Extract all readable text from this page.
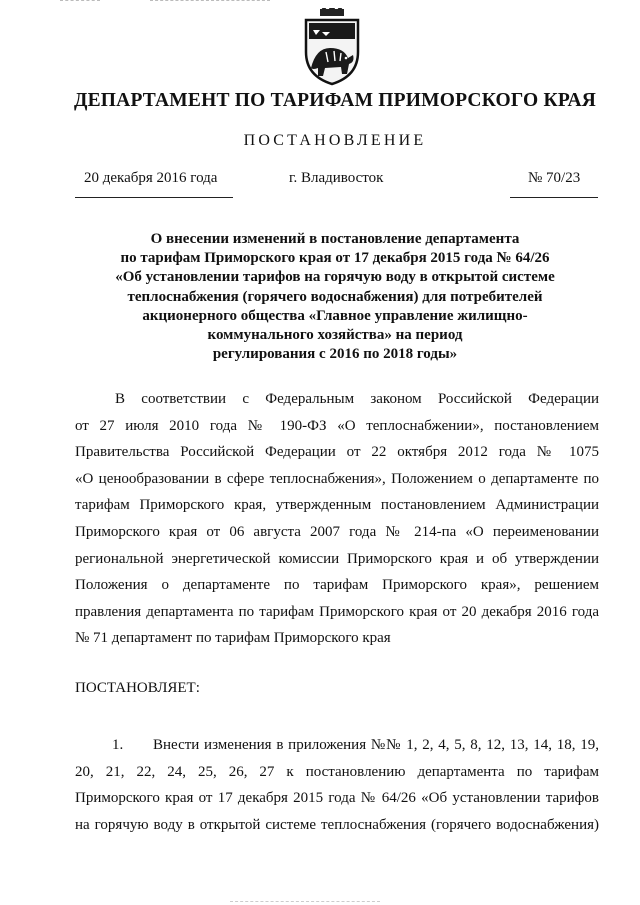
ДЕПАРТАМЕНТ ПО ТАРИФАМ ПРИМОРСКОГО КРАЯ
ПОСТАНОВЛЕНИЕ
20 декабря 2016 года	г. Владивосток	№ 70/23
О внесении изменений в постановление департамента
по тарифам Приморского края от 17 декабря 2015 года № 64/26
«Об установлении тарифов на горячую воду в открытой системе
теплоснабжения (горячего водоснабжения) для потребителей
акционерного общества «Главное управление жилищно-
коммунального хозяйства» на период
регулирования с 2016 по 2018 годы»
В соответствии с Федеральным законом Российской Федерации
от 27 июля 2010 года № 190-ФЗ «О теплоснабжении», постановлением
Правительства Российской Федерации от 22 октября 2012 года № 1075
«О ценообразовании в сфере теплоснабжения», Положением о департаменте по
тарифам Приморского края, утвержденным постановлением Администрации
Приморского края от 06 августа 2007 года № 214-па «О переименовании
региональной энергетической комиссии Приморского края и об утверждении
Положения о департаменте по тарифам Приморского края», решением
правления департамента по тарифам Приморского края от 20 декабря 2016 года
№ 71 департамент по тарифам Приморского края
ПОСТАНОВЛЯЕТ:
1. Внести изменения в приложения №№ 1, 2, 4, 5, 8, 12, 13, 14, 18, 19,
20, 21, 22, 24, 25, 26, 27 к постановлению департамента по тарифам
Приморского края от 17 декабря 2015 года № 64/26 «Об установлении тарифов
на горячую воду в открытой системе теплоснабжения (горячего водоснабжения)
